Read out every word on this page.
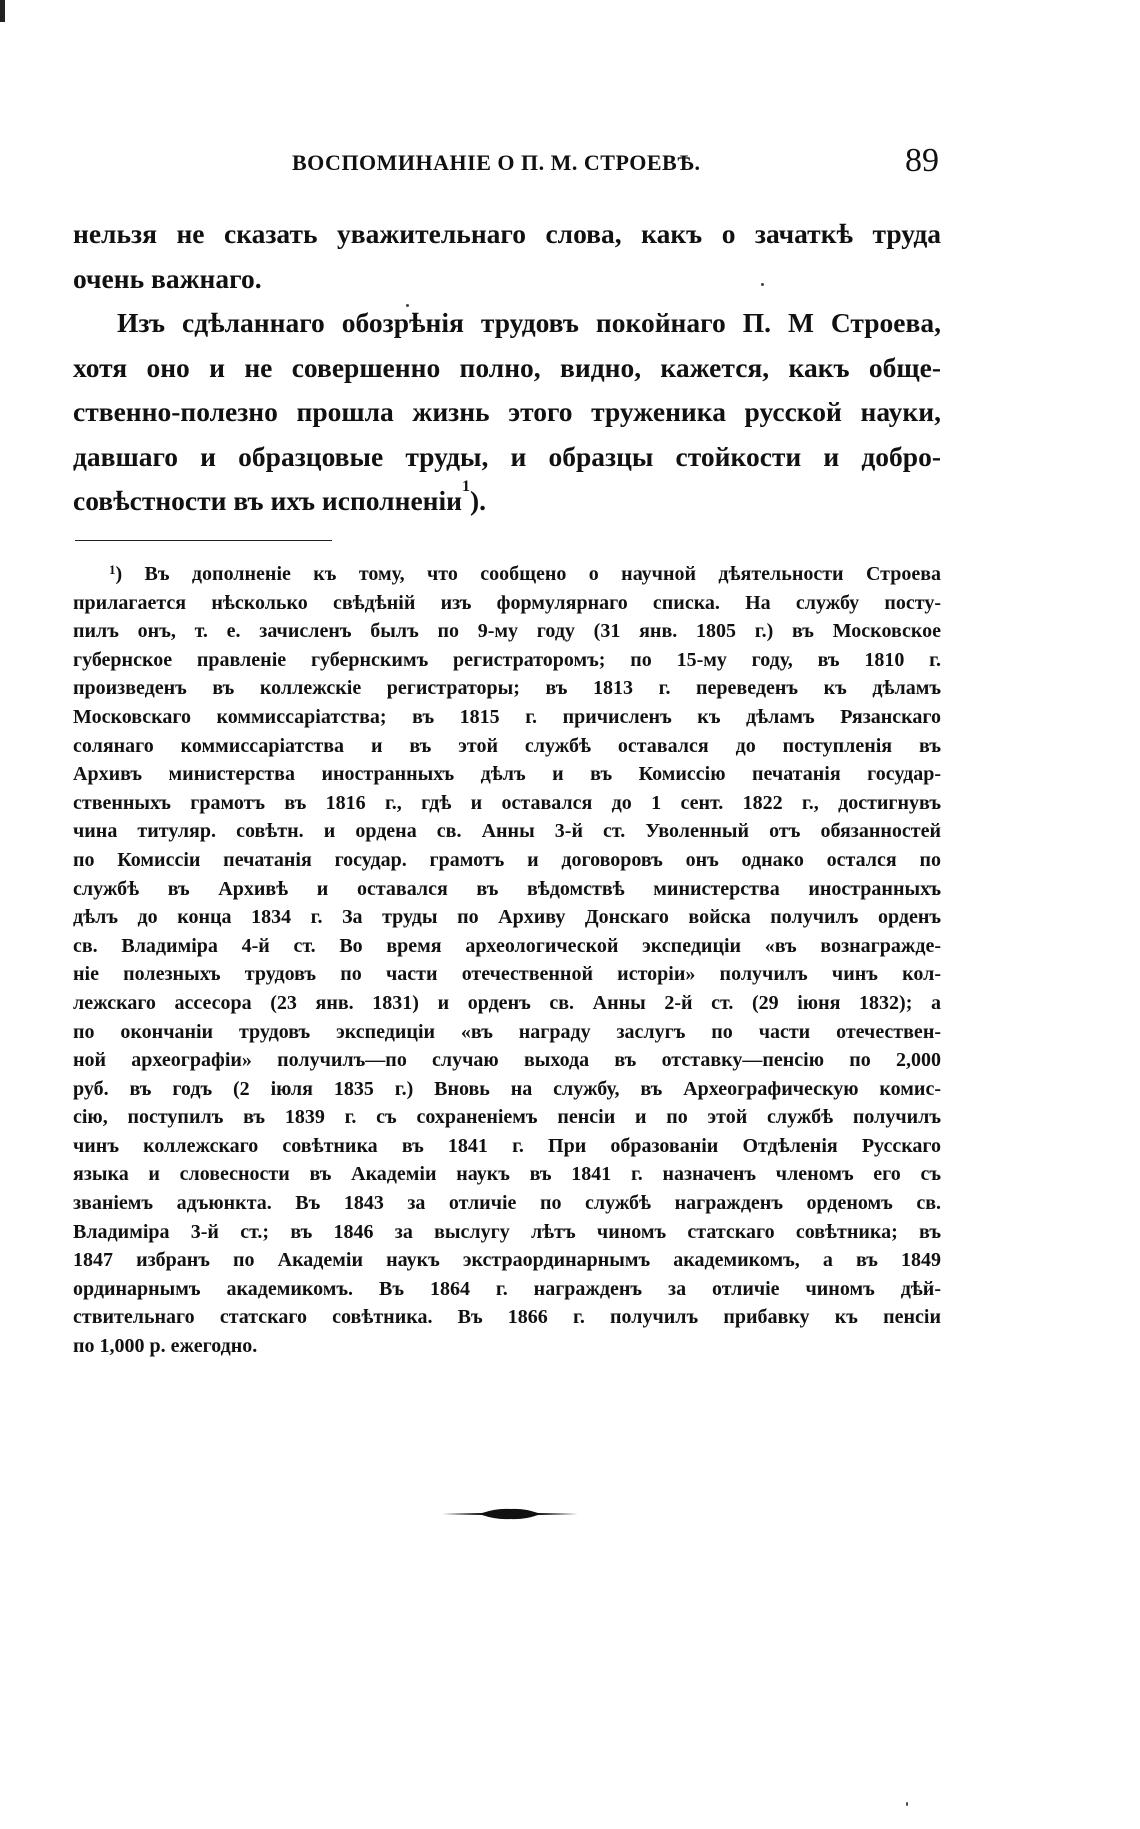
ВОСПОМИНАНІЕ О П. М. СТРОЕВѢ.	89
нельзя не сказать уважительнаго слова, какъ о зачаткѣ труда
очень важнаго.
Изъ сдѣланнаго обозрѣнія трудовъ покойнаго П. М Строева,
хотя оно и не совершенно полно, видно, кажется, какъ обще-
ственно-полезно прошла жизнь этого труженика русской науки,
давшаго и образцовые труды, и образцы стойкости и добро-
совѣстности въ ихъ исполненіи$^1$).
$^1$) Въ дополненіе къ тому, что сообщено о научной дѣятельности Строева
прилагается нѣсколько свѣдѣній изъ формулярнаго списка. На службу посту-
пилъ онъ, т. е. зачисленъ былъ по 9-му году (31 янв. 1805 г.) въ Московское
губернское правленіе губернскимъ регистраторомъ; по 15-му году, въ 1810 г.
произведенъ въ коллежскіе регистраторы; въ 1813 г. переведенъ къ дѣламъ
Московскаго коммиссаріатства; въ 1815 г. причисленъ къ дѣламъ Рязанскаго
солянаго коммиссаріатства и въ этой службѣ оставался до поступленія въ
Архивъ министерства иностранныхъ дѣлъ и въ Комиссію печатанія государ-
ственныхъ грамотъ въ 1816 г., гдѣ и оставался до 1 сент. 1822 г., достигнувъ
чина титуляр. совѣтн. и ордена св. Анны 3-й ст. Уволенный отъ обязанностей
по Комиссіи печатанія государ. грамотъ и договоровъ онъ однако остался по
службѣ въ Архивѣ и оставался въ вѣдомствѣ министерства иностранныхъ
дѣлъ до конца 1834 г. За труды по Архиву Донскаго войска получилъ орденъ
св. Владиміра 4-й ст. Во время археологической экспедиціи «въ вознагражде-
ніе полезныхъ трудовъ по части отечественной исторіи» получилъ чинъ кол-
лежскаго ассесора (23 янв. 1831) и орденъ св. Анны 2-й ст. (29 іюня 1832); а
по окончаніи трудовъ экспедиціи «въ награду заслугъ по части отечествен-
ной археографіи» получилъ—по случаю выхода въ отставку—пенсію по 2,000
руб. въ годъ (2 іюля 1835 г.) Вновь на службу, въ Археографическую комис-
сію, поступилъ въ 1839 г. съ сохраненіемъ пенсіи и по этой службѣ получилъ
чинъ коллежскаго совѣтника въ 1841 г. При образованіи Отдѣленія Русскаго
языка и словесности въ Академіи наукъ въ 1841 г. назначенъ членомъ его съ
званіемъ адъюнкта. Въ 1843 за отличіе по службѣ награжденъ орденомъ св.
Владиміра 3-й ст.; въ 1846 за выслугу лѣтъ чиномъ статскаго совѣтника; въ
1847 избранъ по Академіи наукъ экстраординарнымъ академикомъ, а въ 1849
ординарнымъ академикомъ. Въ 1864 г. награжденъ за отличіе чиномъ дѣй-
ствительнаго статскаго совѣтника. Въ 1866 г. получилъ прибавку къ пенсіи
по 1,000 р. ежегодно.
